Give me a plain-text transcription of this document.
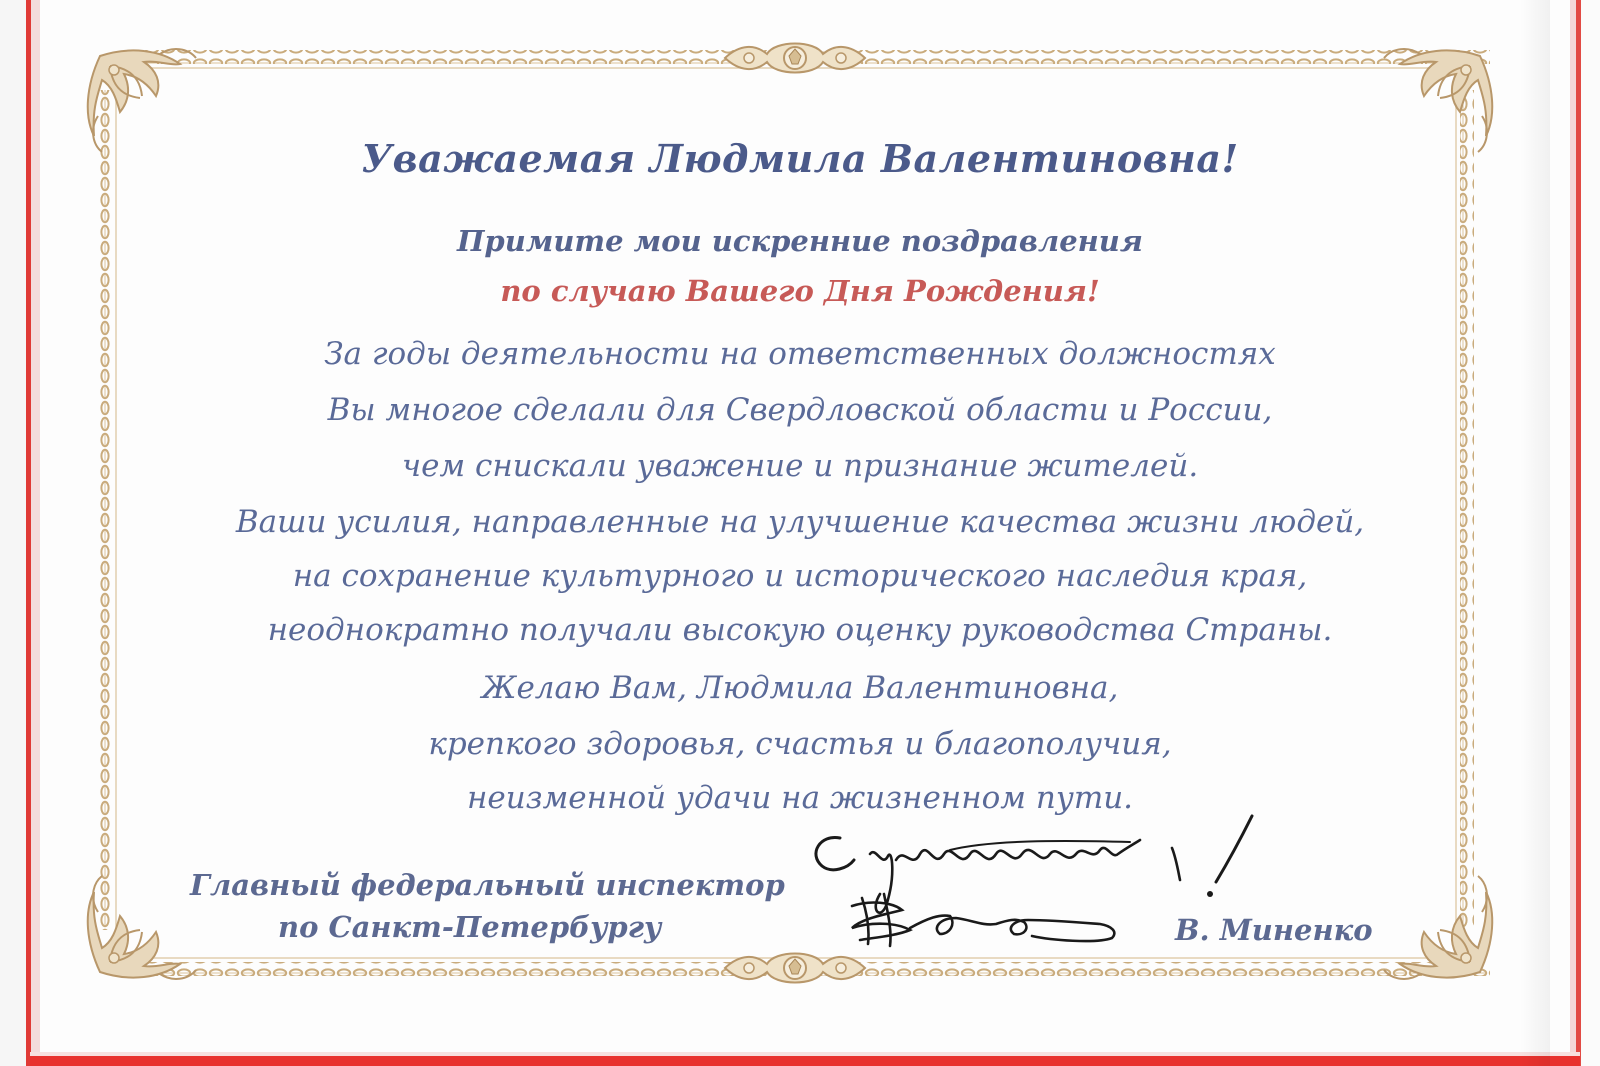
Уважаемая Людмила Валентиновна!

Примите мои искренние поздравления

по случаю Вашего Дня Рождения!

За годы деятельности на ответственных должностях

Вы многое сделали для Свердловской области и России,

чем снискали уважение и признание жителей.

Ваши усилия, направленные на улучшение качества жизни людей,

на сохранение культурного и исторического наследия края,

неоднократно получали высокую оценку руководства Страны.

Желаю Вам, Людмила Валентиновна,

крепкого здоровья, счастья и благополучия,

неизменной удачи на жизненном пути.

Главный федеральный инспектор

по Санкт-Петербургу	В. Миненко
